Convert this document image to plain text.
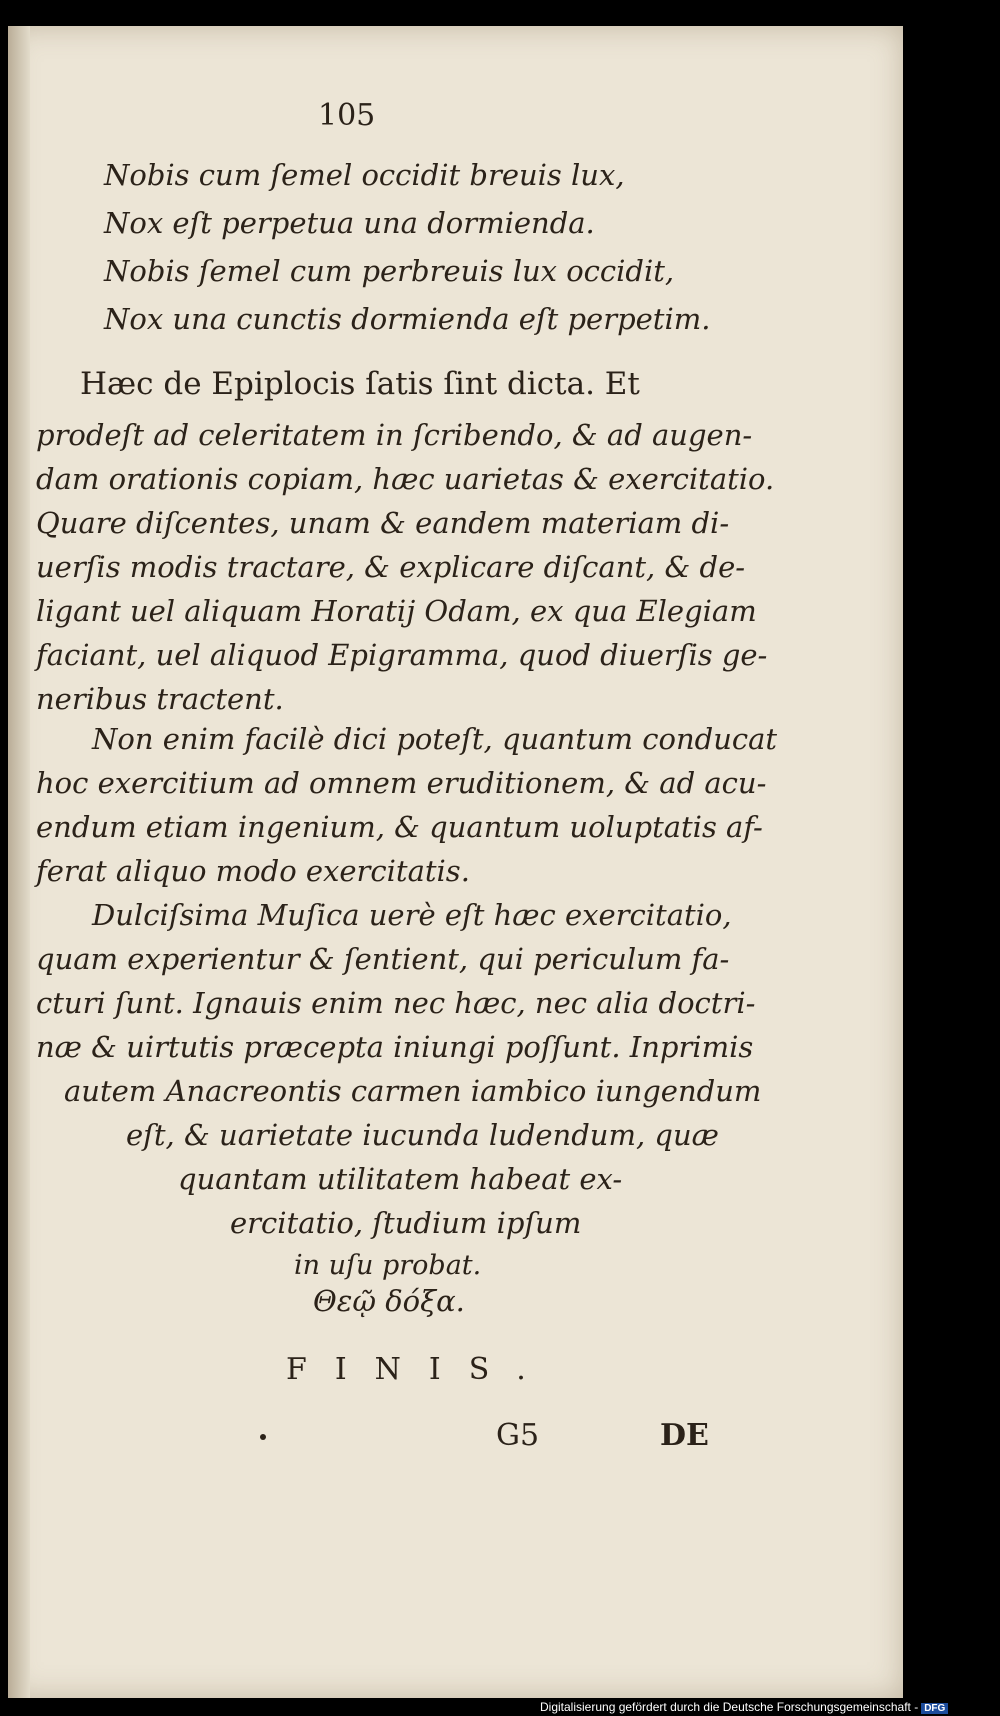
105
Nobis cum ſemel occidit breuis lux,
Nox eſt perpetua una dormienda.
Nobis ſemel cum perbreuis lux occidit,
Nox una cunctis dormienda eſt perpetim.
Hæc de Epiplocis ſatis ſint dicta. Et
prodeſt ad celeritatem in ſcribendo, & ad augen-
dam orationis copiam, hæc uarietas & exercitatio.
Quare diſcentes, unam & eandem materiam di-
uerſis modis tractare, & explicare diſcant, & de-
ligant uel aliquam Horatij Odam, ex qua Elegiam
faciant, uel aliquod Epigramma, quod diuerſis ge-
neribus tractent.
Non enim facilè dici poteſt, quantum conducat
hoc exercitium ad omnem eruditionem, & ad acu-
endum etiam ingenium, & quantum uoluptatis af-
ferat aliquo modo exercitatis.
Dulciſsima Muſica uerè eſt hæc exercitatio,
quam experientur & ſentient, qui periculum fa-
cturi ſunt. Ignauis enim nec hæc, nec alia doctri-
næ & uirtutis præcepta iniungi poſſunt. Inprimis
autem Anacreontis carmen iambico iungendum
eſt, & uarietate iucunda ludendum, quæ
quantam utilitatem habeat ex-
ercitatio, ſtudium ipſum
in uſu probat.
Θεῷ δόξα.
FINIS.
G5	DE
Digitalisierung gefördert durch die Deutsche Forschungsgemeinschaft - DFG
